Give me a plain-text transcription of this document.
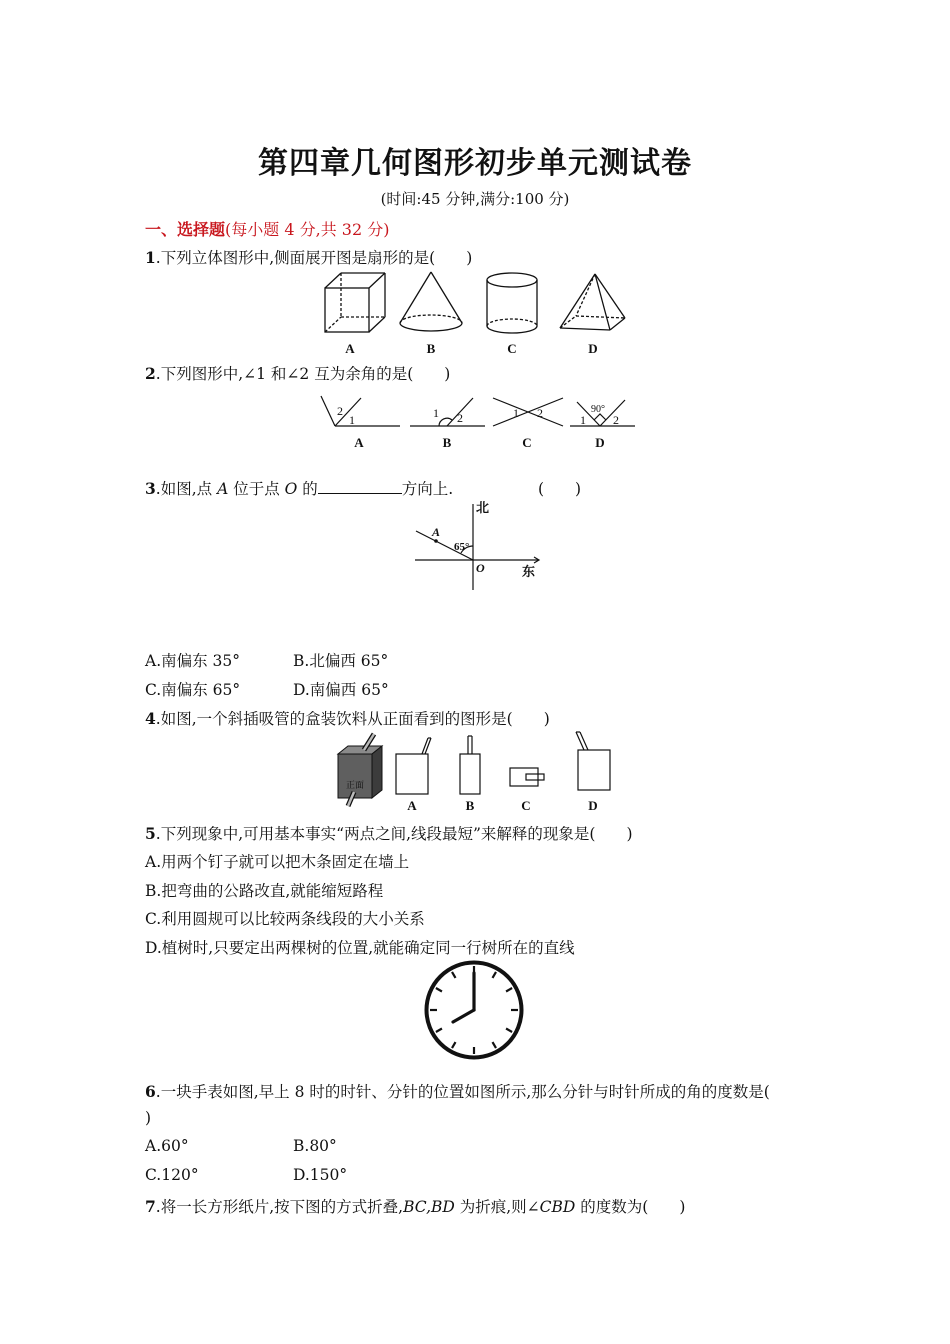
第四章几何图形初步单元测试卷
(时间:45 分钟,满分:100 分)
一、选择题(每小题 4 分,共 32 分)
1.下列立体图形中,侧面展开图是扇形的是(　　)
A	B	C	D
2.下列图形中,∠1 和∠2 互为余角的是(　　)
2
1	1 2	1 2	1 2
90°
A	B	C	D
3.如图,点 A 位于点 O 的	方向上.	(　　)
北
东
65°
A
O
A.南偏东 35°	B.北偏西 65°
C.南偏东 65°	D.南偏西 65°
4.如图,一个斜插吸管的盒装饮料从正面看到的图形是(　　)
正面
A	B	C	D
5.下列现象中,可用基本事实“两点之间,线段最短”来解释的现象是(　　)
A.用两个钉子就可以把木条固定在墙上
B.把弯曲的公路改直,就能缩短路程
C.利用圆规可以比较两条线段的大小关系
D.植树时,只要定出两棵树的位置,就能确定同一行树所在的直线
6.一块手表如图,早上 8 时的时针、分针的位置如图所示,那么分针与时针所成的角的度数是(
)
A.60°	B.80°
C.120°	D.150°
7.将一长方形纸片,按下图的方式折叠,BC,BD 为折痕,则∠CBD 的度数为(　　)
